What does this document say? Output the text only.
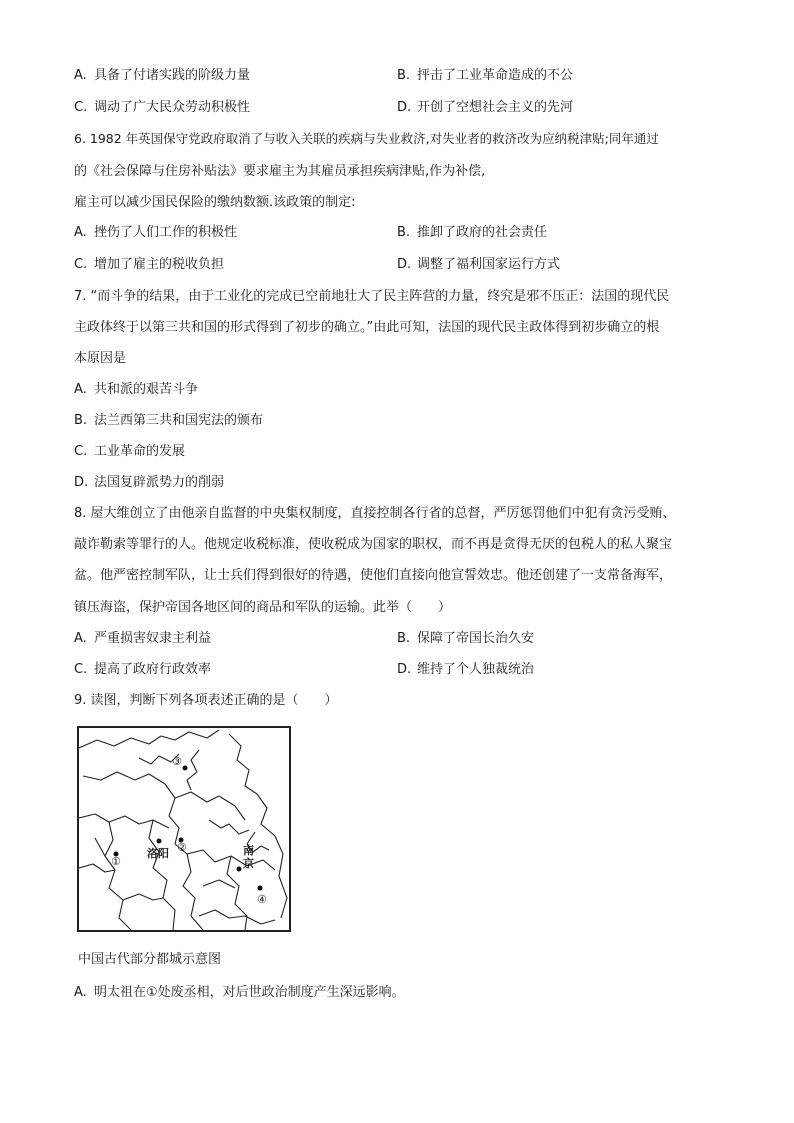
A. 具备了付诸实践的阶级力量	B. 抨击了工业革命造成的不公
C. 调动了广大民众劳动积极性	D. 开创了空想社会主义的先河
6. 1982 年英国保守党政府取消了与收入关联的疾病与失业救济,对失业者的救济改为应纳税津贴;同年通过
的《社会保障与住房补贴法》要求雇主为其雇员承担疾病津贴,作为补偿,
雇主可以减少国民保险的缴纳数额.该政策的制定:
A. 挫伤了人们工作的积极性	B. 推卸了政府的社会责任
C. 增加了雇主的税收负担	D. 调整了福利国家运行方式
7. “而斗争的结果，由于工业化的完成已空前地壮大了民主阵营的力量，终究是邪不压正：法国的现代民
主政体终于以第三共和国的形式得到了初步的确立。”由此可知，法国的现代民主政体得到初步确立的根
本原因是
A. 共和派的艰苦斗争
B. 法兰西第三共和国宪法的颁布
C. 工业革命的发展
D. 法国复辟派势力的削弱
8. 屋大维创立了由他亲自监督的中央集权制度，直接控制各行省的总督，严厉惩罚他们中犯有贪污受贿、
敲诈勒索等罪行的人。他规定收税标准，使收税成为国家的职权，而不再是贪得无厌的包税人的私人聚宝
盆。他严密控制军队，让士兵们得到很好的待遇，使他们直接向他宣誓效忠。他还创建了一支常备海军，
镇压海盗，保护帝国各地区间的商品和军队的运输。此举（　　）
A. 严重损害奴隶主利益	B. 保障了帝国长治久安
C. 提高了政府行政效率	D. 维持了个人独裁统治
9. 读图，判断下列各项表述正确的是（　　）
洛阳	南
京
①
②
③
④
中国古代部分都城示意图
A. 明太祖在①处废丞相，对后世政治制度产生深远影响。
